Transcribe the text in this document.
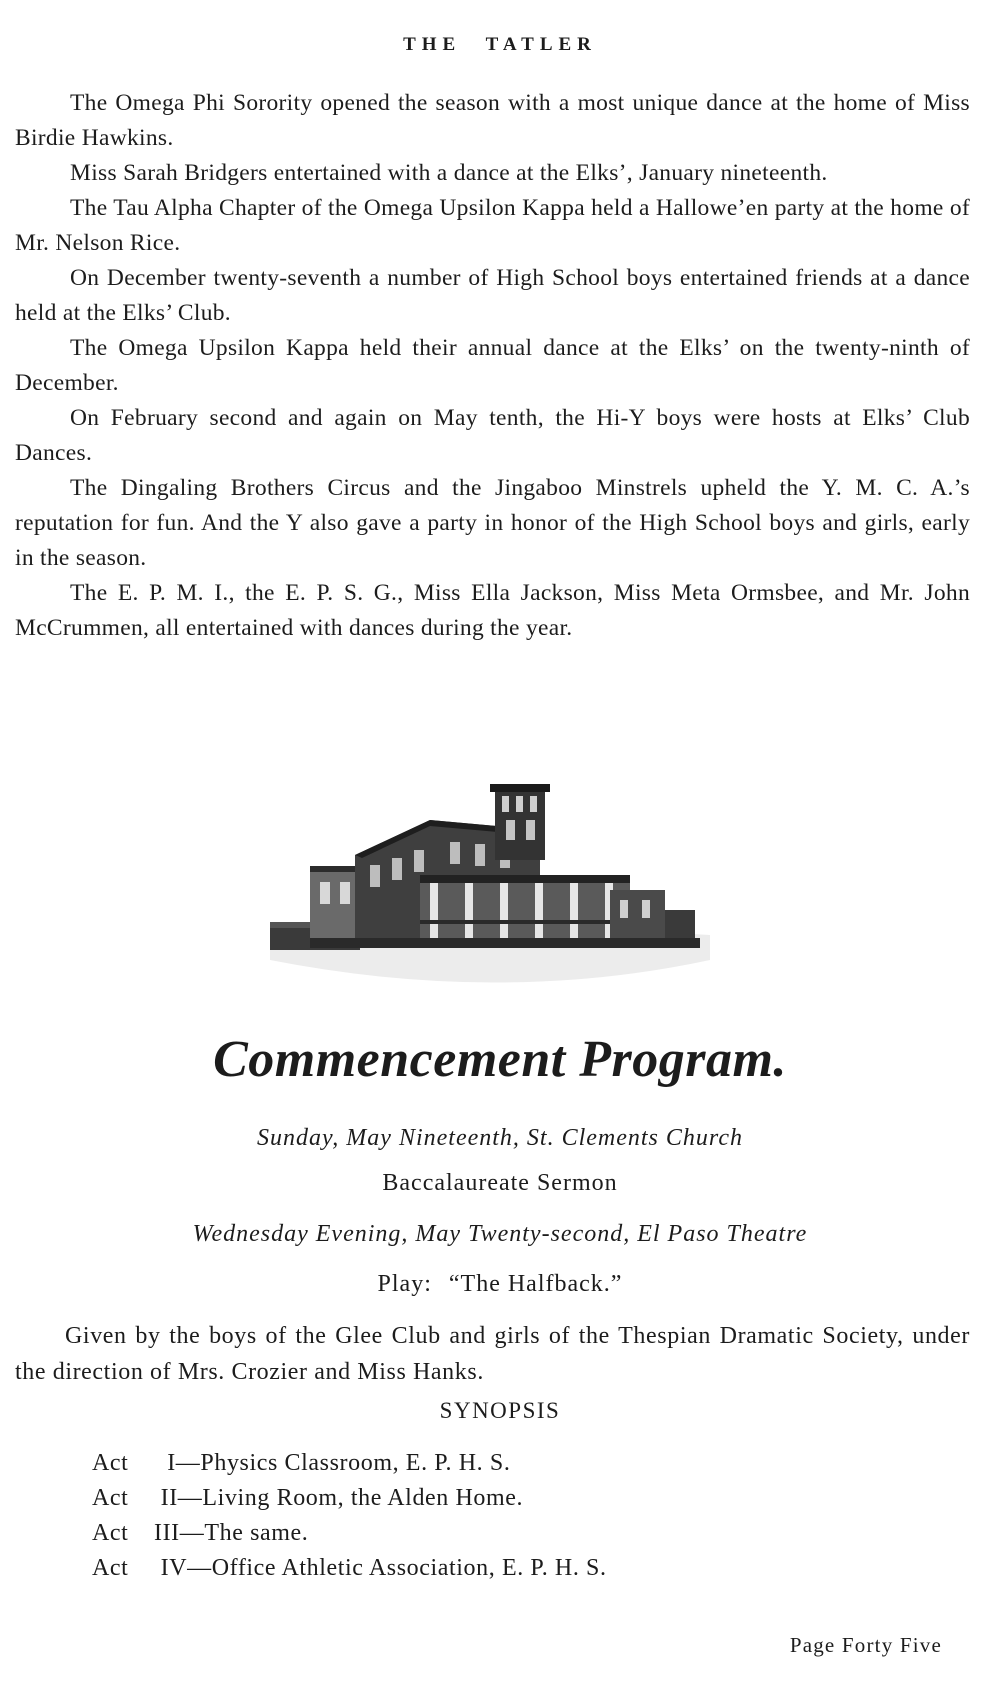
THE TATLER

The Omega Phi Sorority opened the season with a most unique dance at the home of Miss Birdie Hawkins.

Miss Sarah Bridgers entertained with a dance at the Elks’, January nineteenth.

The Tau Alpha Chapter of the Omega Upsilon Kappa held a Hallowe’en party at the home of Mr. Nelson Rice.

On December twenty-seventh a number of High School boys entertained friends at a dance held at the Elks’ Club.

The Omega Upsilon Kappa held their annual dance at the Elks’ on the twenty-ninth of December.

On February second and again on May tenth, the Hi-Y boys were hosts at Elks’ Club Dances.

The Dingaling Brothers Circus and the Jingaboo Minstrels upheld the Y. M. C. A.’s reputation for fun. And the Y also gave a party in honor of the High School boys and girls, early in the season.

The E. P. M. I., the E. P. S. G., Miss Ella Jackson, Miss Meta Ormsbee, and Mr. John McCrummen, all entertained with dances during the year.

Commencement Program.
Sunday, May Nineteenth, St. Clements Church
Baccalaureate Sermon
Wednesday Evening, May Twenty-second, El Paso Theatre
Play: “The Halfback.”
Given by the boys of the Glee Club and girls of the Thespian Dramatic Society, under the direction of Mrs. Crozier and Miss Hanks.
SYNOPSIS
Act	I—Physics Classroom, E. P. H. S.
Act	II—Living Room, the Alden Home.
Act	III—The same.
Act	IV—Office Athletic Association, E. P. H. S.
Page Forty Five
